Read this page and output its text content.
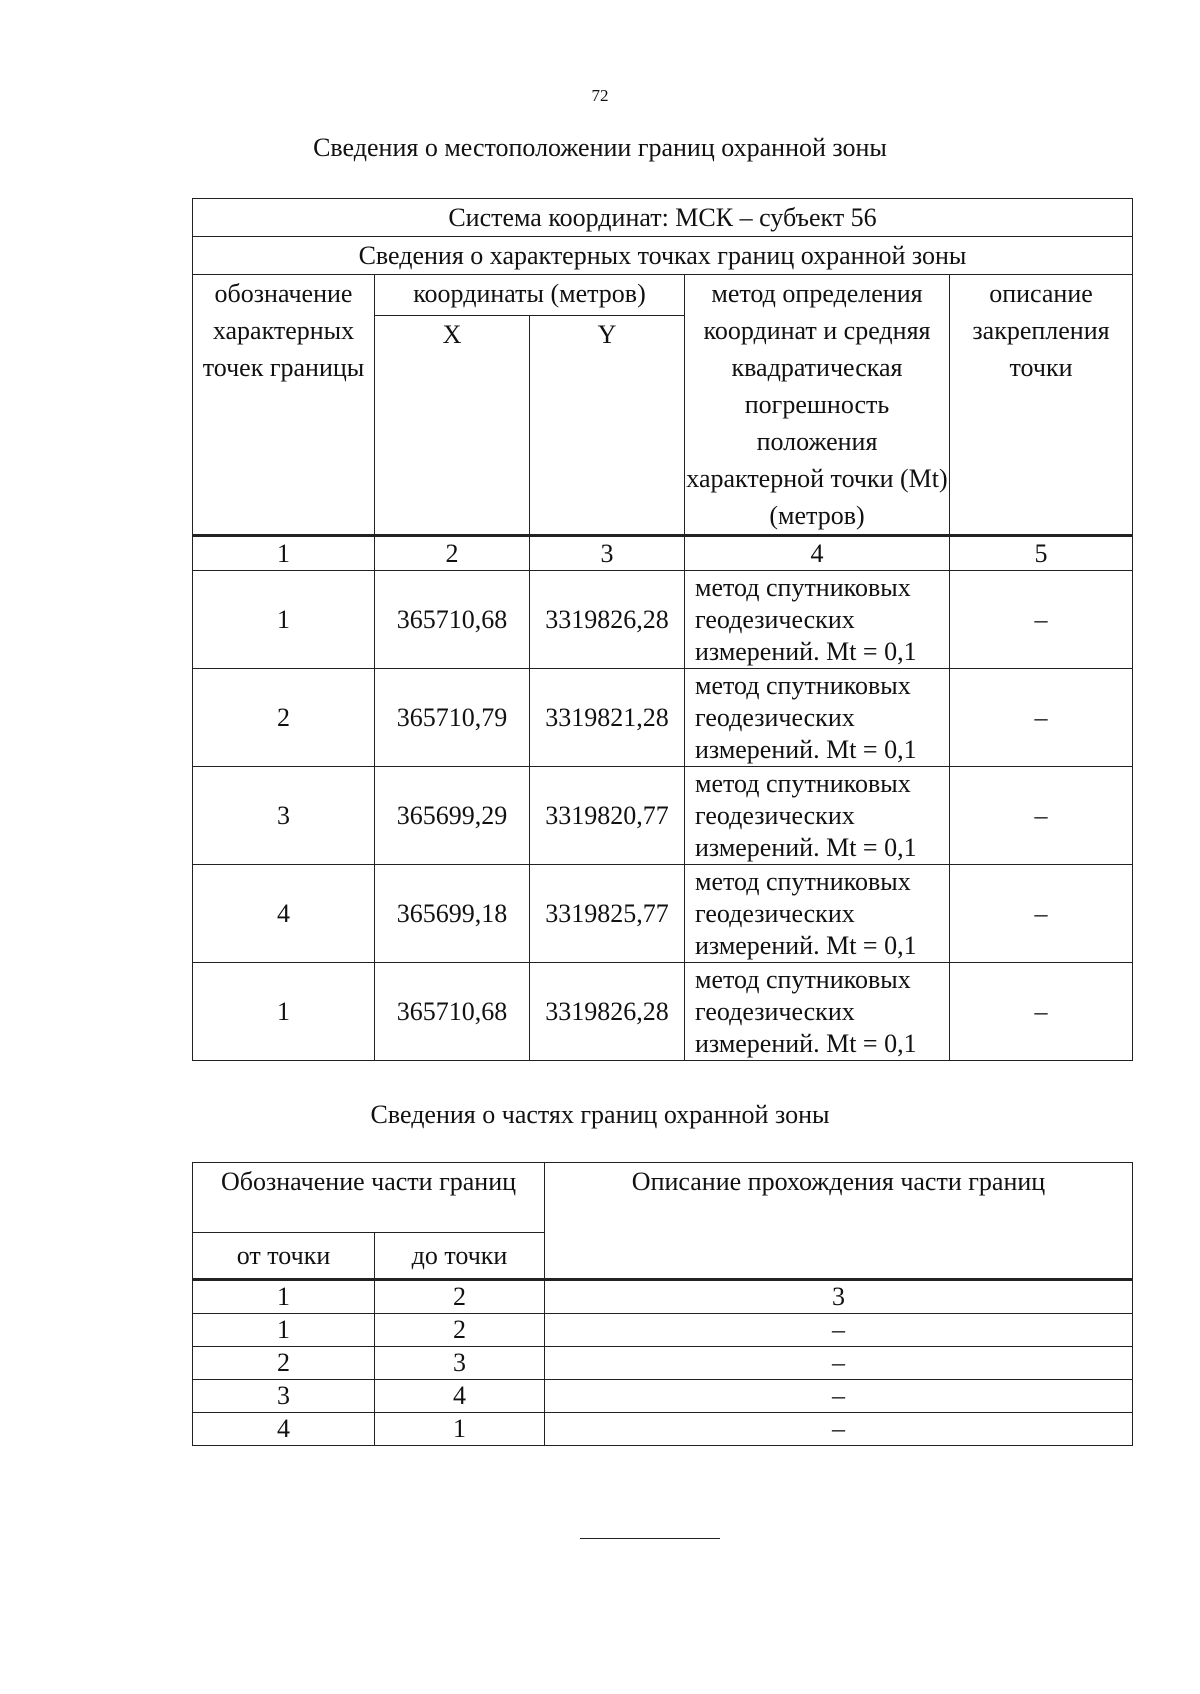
72
Сведения о местоположении границ охранной зоны
Система координат: МСК – субъект 56				
Сведения о характерных точках границ охранной зоны				
обозначение характерных точек границы	координаты (метров)		метод определения координат и средняя квадратическая погрешность положения характерной точки (Mt) (метров)	описание закрепления точки
	X	Y		
1	2	3	4	5
1	365710,68	3319826,28	метод спутниковых геодезических измерений. Mt = 0,1	–
2	365710,79	3319821,28	метод спутниковых геодезических измерений. Mt = 0,1	–
3	365699,29	3319820,77	метод спутниковых геодезических измерений. Mt = 0,1	–
4	365699,18	3319825,77	метод спутниковых геодезических измерений. Mt = 0,1	–
1	365710,68	3319826,28	метод спутниковых геодезических измерений. Mt = 0,1	–
Сведения о частях границ охранной зоны
Обозначение части границ		Описание прохождения части границ
от точки	до точки	
1	2	3
1	2	–
2	3	–
3	4	–
4	1	–
